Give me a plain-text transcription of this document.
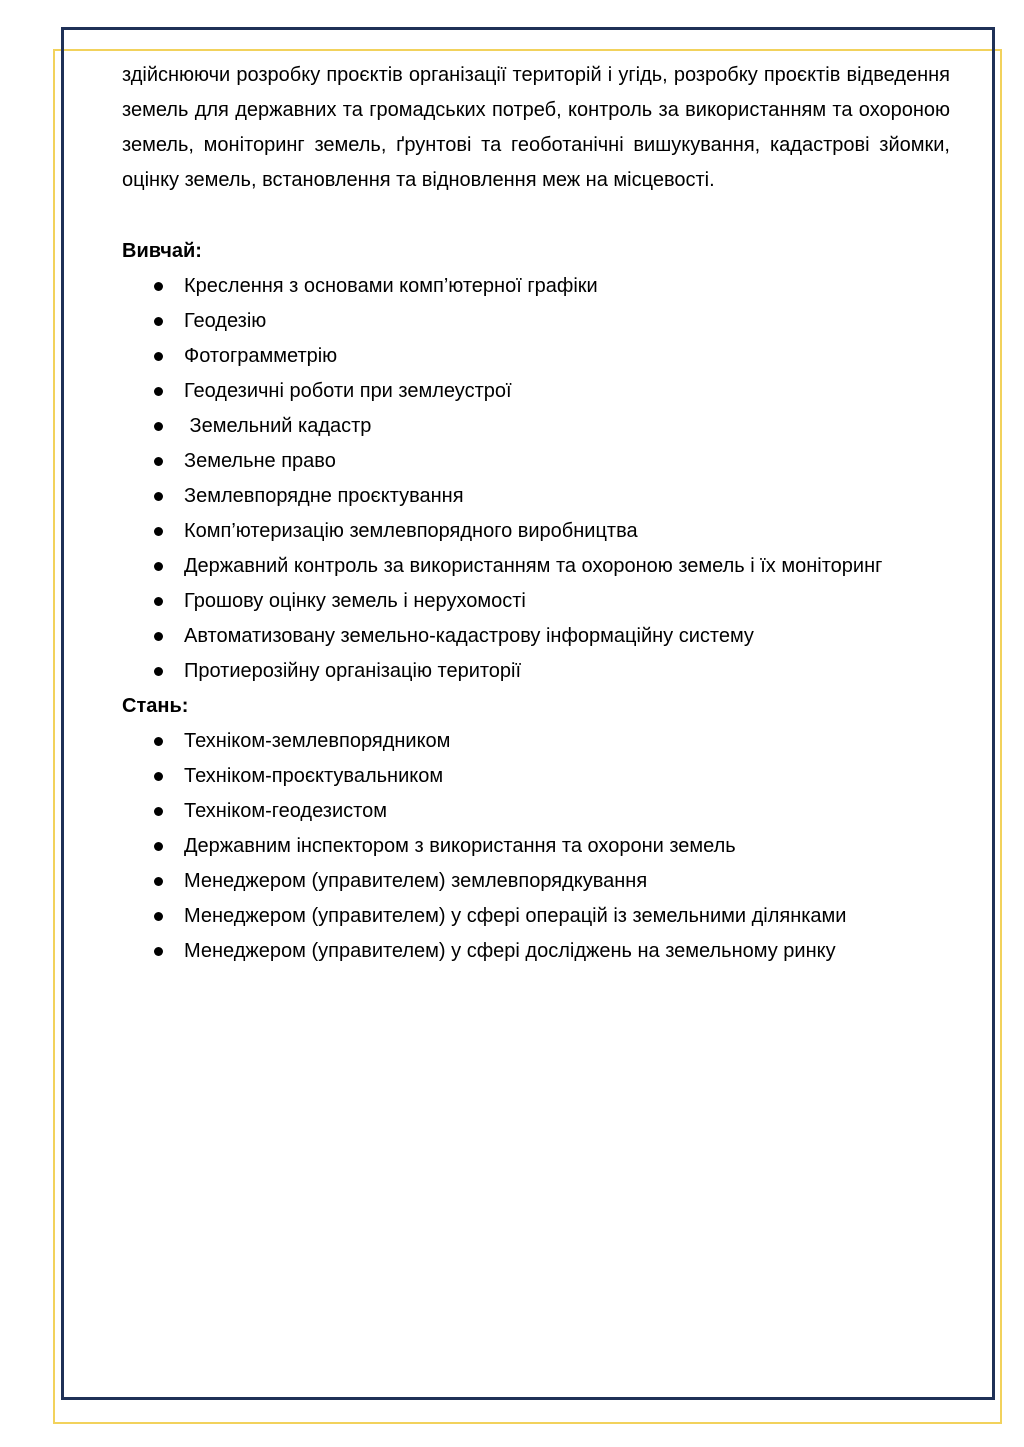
здійснюючи розробку проєктів організації територій і угідь, розробку проєктів відведення земель для державних та громадських потреб, контроль за використанням та охороною земель, моніторинг земель, ґрунтові та геоботанічні вишукування, кадастрові зйомки, оцінку земель, встановлення та відновлення меж на місцевості.

Вивчай:

Креслення з основами комп’ютерної графіки
Геодезію
Фотограмметрію
Геодезичні роботи при землеустрої
Земельний кадастр
Земельне право
Землевпорядне проєктування
Комп’ютеризацію землевпорядного виробництва
Державний контроль за використанням та охороною земель і їх моніторинг
Грошову оцінку земель і нерухомості
Автоматизовану земельно-кадастрову інформаційну систему
Протиерозійну організацію території

Стань:

Техніком-землевпорядником
Техніком-проєктувальником
Техніком-геодезистом
Державним інспектором з використання та охорони земель
Менеджером (управителем) землевпорядкування
Менеджером (управителем) у сфері операцій із земельними ділянками
Менеджером (управителем) у сфері досліджень на земельному ринку
